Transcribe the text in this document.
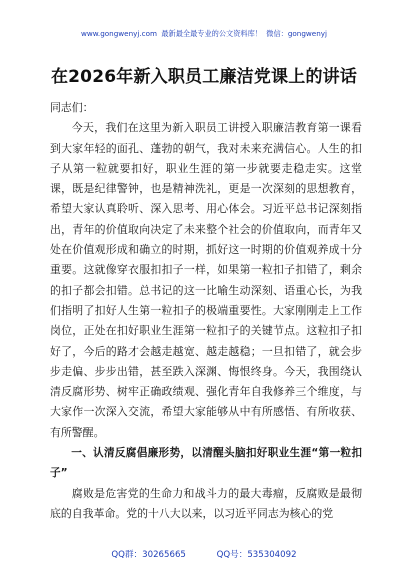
www.gongwenyj.com 最新最全最专业的公文资料库！ 微信：gongwenyj
在2026年新入职员工廉洁党课上的讲话

同志们：

今天，我们在这里为新入职员工讲授入职廉洁教育第一课看到大家年轻的面孔、蓬勃的朝气，我对未来充满信心。人生的扣子从第一粒就要扣好，职业生涯的第一步就要走稳走实。这堂课，既是纪律警钟，也是精神洗礼，更是一次深刻的思想教育，希望大家认真聆听、深入思考、用心体会。习近平总书记深刻指出，青年的价值取向决定了未来整个社会的价值取向，而青年又处在价值观形成和确立的时期，抓好这一时期的价值观养成十分重要。这就像穿衣服扣扣子一样，如果第一粒扣子扣错了，剩余的扣子都会扣错。总书记的这一比喻生动深刻、语重心长，为我们指明了扣好人生第一粒扣子的极端重要性。大家刚刚走上工作岗位，正处在扣好职业生涯第一粒扣子的关键节点。这粒扣子扣好了，今后的路才会越走越宽、越走越稳；一旦扣错了，就会步步走偏、步步出错，甚至跌入深渊、悔恨终身。今天，我围绕认清反腐形势、树牢正确政绩观、强化青年自我修养三个维度，与大家作一次深入交流，希望大家能够从中有所感悟、有所收获、有所警醒。

一、认清反腐倡廉形势，以清醒头脑扣好职业生涯“第一粒扣子”

腐败是危害党的生命力和战斗力的最大毒瘤，反腐败是最彻底的自我革命。党的十八大以来，以习近平同志为核心的党

QQ群：30265665	QQ号：535304092
